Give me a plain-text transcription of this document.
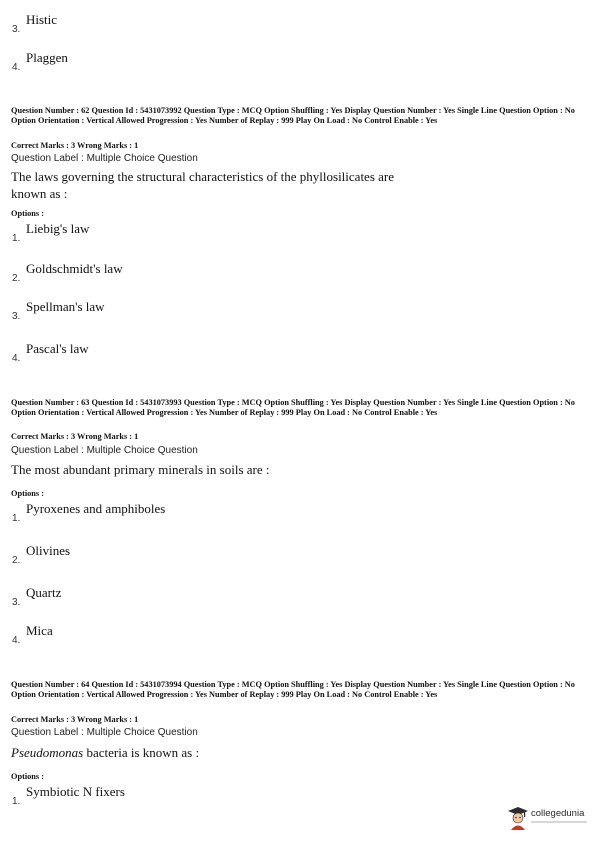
3.
Histic
4.
Plaggen
Question Number : 62 Question Id : 5431073992 Question Type : MCQ Option Shuffling : Yes Display Question Number : Yes Single Line Question Option : No Option Orientation : Vertical Allowed Progression : Yes Number of Replay : 999 Play On Load : No Control Enable : Yes
Correct Marks : 3 Wrong Marks : 1
Question Label : Multiple Choice Question
The laws governing the structural characteristics of the phyllosilicates are
known as :
Options :
1.
Liebig's law
2.
Goldschmidt's law
3.
Spellman's law
4.
Pascal's law
Question Number : 63 Question Id : 5431073993 Question Type : MCQ Option Shuffling : Yes Display Question Number : Yes Single Line Question Option : No Option Orientation : Vertical Allowed Progression : Yes Number of Replay : 999 Play On Load : No Control Enable : Yes
Correct Marks : 3 Wrong Marks : 1
Question Label : Multiple Choice Question
The most abundant primary minerals in soils are :
Options :
1.
Pyroxenes and amphiboles
2.
Olivines
3.
Quartz
4.
Mica
Question Number : 64 Question Id : 5431073994 Question Type : MCQ Option Shuffling : Yes Display Question Number : Yes Single Line Question Option : No Option Orientation : Vertical Allowed Progression : Yes Number of Replay : 999 Play On Load : No Control Enable : Yes
Correct Marks : 3 Wrong Marks : 1
Question Label : Multiple Choice Question
Pseudomonas bacteria is known as :
Options :
1.
Symbiotic N fixers
collegedunia
